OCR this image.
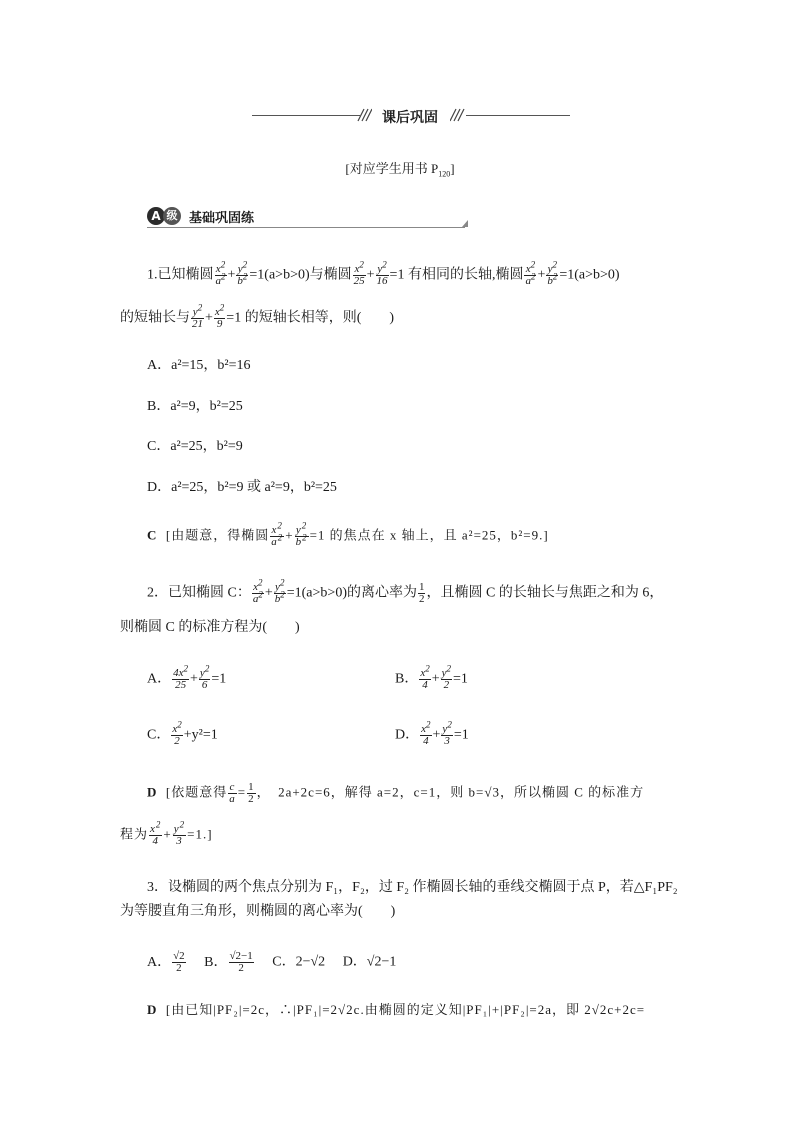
课后巩固
[对应学生用书 $P_{120}$]
A 级 基础巩固练
1.已知椭圆 $\frac{x^2}{a^2} + \frac{y^2}{b^2} =1(a>b>0)$与椭圆 $\frac{x^2}{25} + \frac{y^2}{16} =1$ 有相同的长轴,椭圆 $\frac{x^2}{a^2} + \frac{y^2}{b^2} =1(a>b>0)$
的短轴长与 $\frac{y^2}{21} + \frac{x^2}{9} =1$ 的短轴长相等，则(　　)
A．a²=15，b²=16
B．a²=9，b²=25
C．a²=25，b²=9
D．a²=25，b²=9 或 a²=9，b²=25
C [由题意，得椭圆 $\frac{x^2}{a^2} + \frac{y^2}{b^2} =1$ 的焦点在 x 轴上，且 a²=25，b²=9.]
2．已知椭圆 C： $\frac{x^2}{a^2} + \frac{y^2}{b^2} =1(a>b>0)$的离心率为 $\frac{1}{2}$ ，且椭圆 C 的长轴长与焦距之和为 6，
则椭圆 C 的标准方程为(　　)
A． $\frac{4x^2}{25} + \frac{y^2}{6} =1$	B． $\frac{x^2}{4} + \frac{y^2}{2} =1$
C． $\frac{x^2}{2} +y^2=1$	D． $\frac{x^2}{4} + \frac{y^2}{3} =1$
D [依题意得 $\frac{c}{a} = \frac{1}{2}$ ，　2a+2c=6，解得 a=2，c=1，则 b=√3，所以椭圆 C 的标准方
程为 $\frac{x^2}{4} + \frac{y^2}{3} =1$.]
3．设椭圆的两个焦点分别为 F₁，F₂，过 F₂ 作椭圆长轴的垂线交椭圆于点 P，若△F₁PF₂
为等腰直角三角形，则椭圆的离心率为(　　)
A． $\frac{√2}{2}$ B． $\frac{√2-1}{2}$ C．2−√2 D．√2−1
D [由已知|PF₂|=2c，∴|PF₁|=2√2c.由椭圆的定义知|PF₁|+|PF₂|=2a，即 2√2c+2c=
